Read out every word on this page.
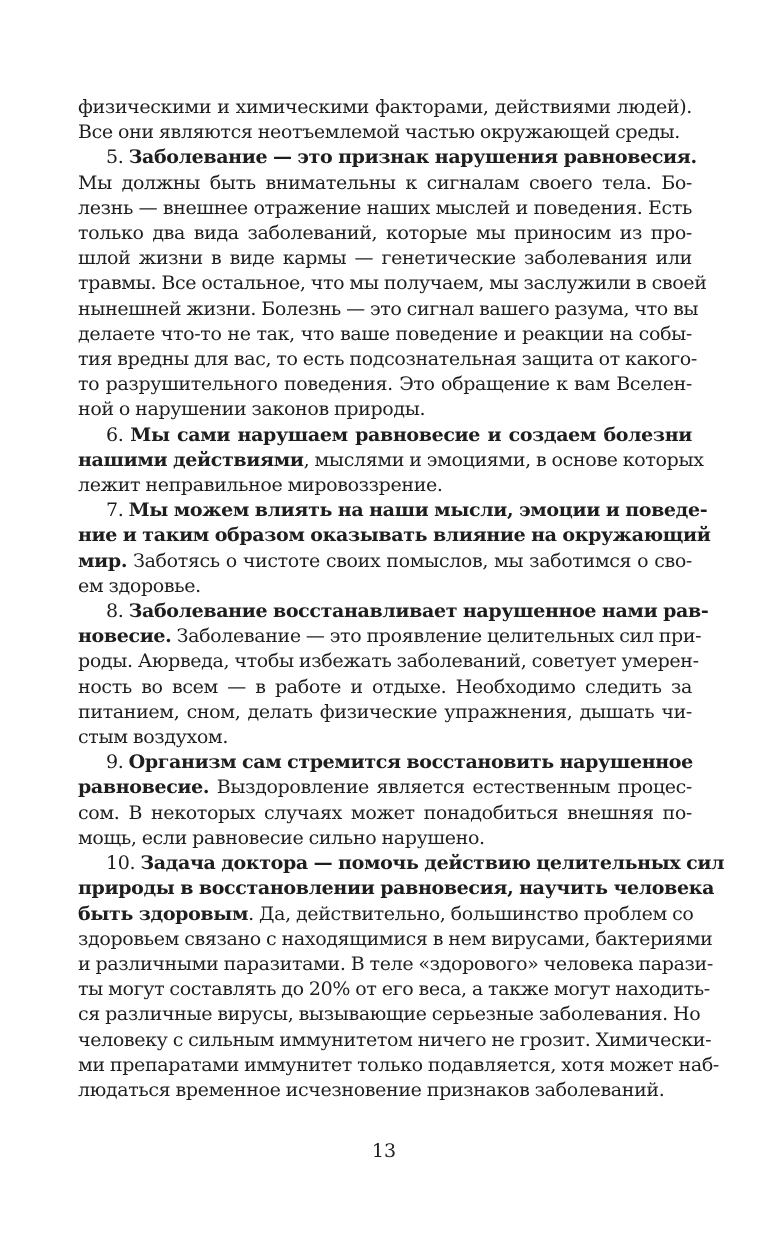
физическими и химическими факторами, действиями людей).
Все они являются неотъемлемой частью окружающей среды.
5. Заболевание — это признак нарушения равновесия.
Мы должны быть внимательны к сигналам своего тела. Бо-
лезнь — внешнее отражение наших мыслей и поведения. Есть
только два вида заболеваний, которые мы приносим из про-
шлой жизни в виде кармы — генетические заболевания или
травмы. Все остальное, что мы получаем, мы заслужили в своей
нынешней жизни. Болезнь — это сигнал вашего разума, что вы
делаете что-то не так, что ваше поведение и реакции на собы-
тия вредны для вас, то есть подсознательная защита от какого-
то разрушительного поведения. Это обращение к вам Вселен-
ной о нарушении законов природы.
6. Мы сами нарушаем равновесие и создаем болезни
нашими действиями, мыслями и эмоциями, в основе которых
лежит неправильное мировоззрение.
7. Мы можем влиять на наши мысли, эмоции и поведе-
ние и таким образом оказывать влияние на окружающий
мир. Заботясь о чистоте своих помыслов, мы заботимся о сво-
ем здоровье.
8. Заболевание восстанавливает нарушенное нами рав-
новесие. Заболевание — это проявление целительных сил при-
роды. Аюрведа, чтобы избежать заболеваний, советует умерен-
ность во всем — в работе и отдыхе. Необходимо следить за
питанием, сном, делать физические упражнения, дышать чи-
стым воздухом.
9. Организм сам стремится восстановить нарушенное
равновесие. Выздоровление является естественным процес-
сом. В некоторых случаях может понадобиться внешняя по-
мощь, если равновесие сильно нарушено.
10. Задача доктора — помочь действию целительных сил
природы в восстановлении равновесия, научить человека
быть здоровым. Да, действительно, большинство проблем со
здоровьем связано с находящимися в нем вирусами, бактериями
и различными паразитами. В теле «здорового» человека парази-
ты могут составлять до 20% от его веса, а также могут находить-
ся различные вирусы, вызывающие серьезные заболевания. Но
человеку с сильным иммунитетом ничего не грозит. Химически-
ми препаратами иммунитет только подавляется, хотя может наб-
людаться временное исчезновение признаков заболеваний.
13
